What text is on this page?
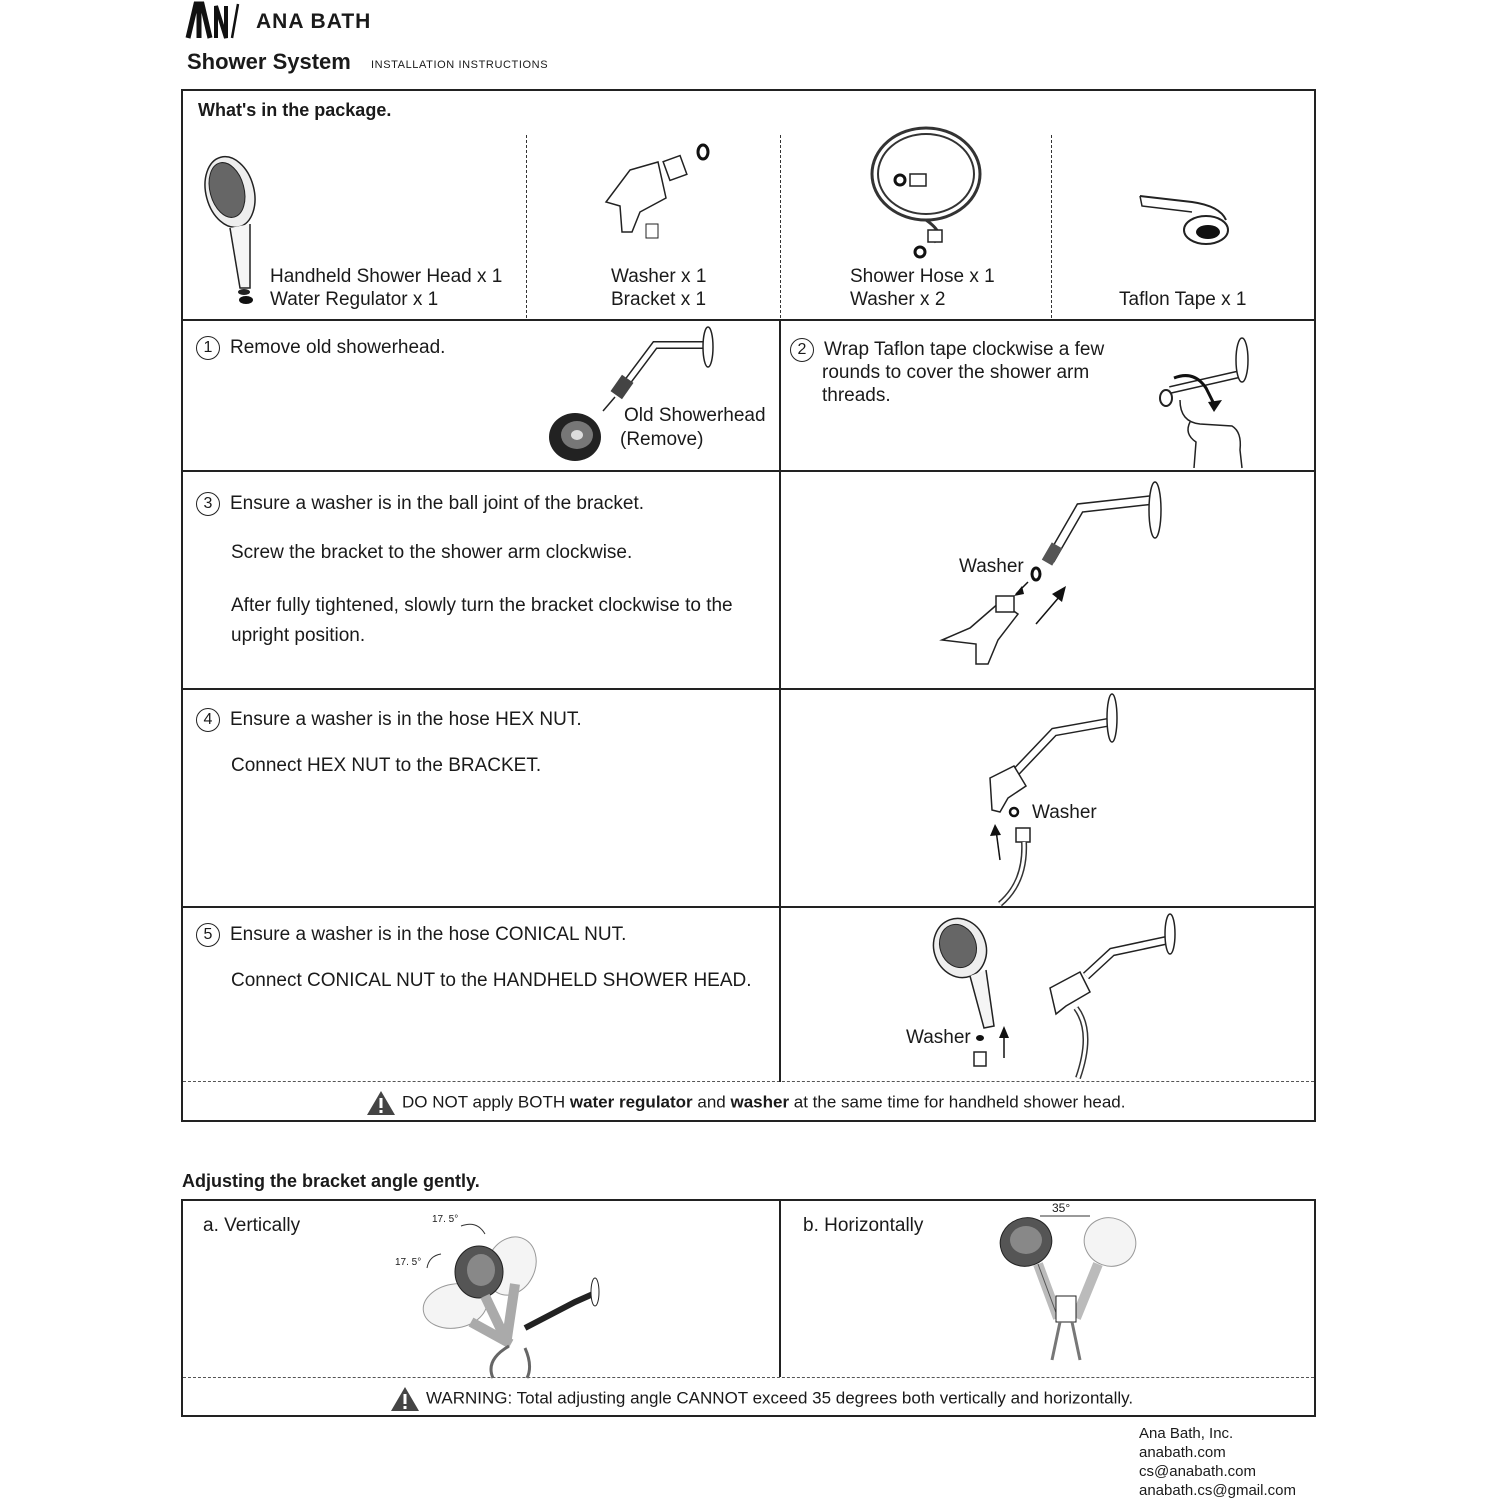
ANA BATH
Shower System INSTALLATION INSTRUCTIONS
What's in the package.
Handheld Shower Head x 1
Water Regulator x 1
Washer x 1
Bracket x 1
Shower Hose x 1
Washer x 2	Taflon Tape x 1
1 Remove old showerhead.
Old Showerhead
(Remove)
2 Wrap Taflon tape clockwise a few
rounds to cover the shower arm
threads.
3 Ensure a washer is in the ball joint of the bracket.
Screw the bracket to the shower arm clockwise.
After fully tightened, slowly turn the bracket clockwise to the
upright position.
Washer
4 Ensure a washer is in the hose HEX NUT.
Connect HEX NUT to the BRACKET.
Washer
5 Ensure a washer is in the hose CONICAL NUT.
Connect CONICAL NUT to the HANDHELD SHOWER HEAD.
Washer
DO NOT apply BOTH water regulator and washer at the same time for handheld shower head.
Adjusting the bracket angle gently.
a. Vertically	b. Horizontally
17. 5°
17. 5°
35°
WARNING: Total adjusting angle CANNOT exceed 35 degrees both vertically and horizontally.
Ana Bath, Inc.
anabath.com
cs@anabath.com
anabath.cs@gmail.com
